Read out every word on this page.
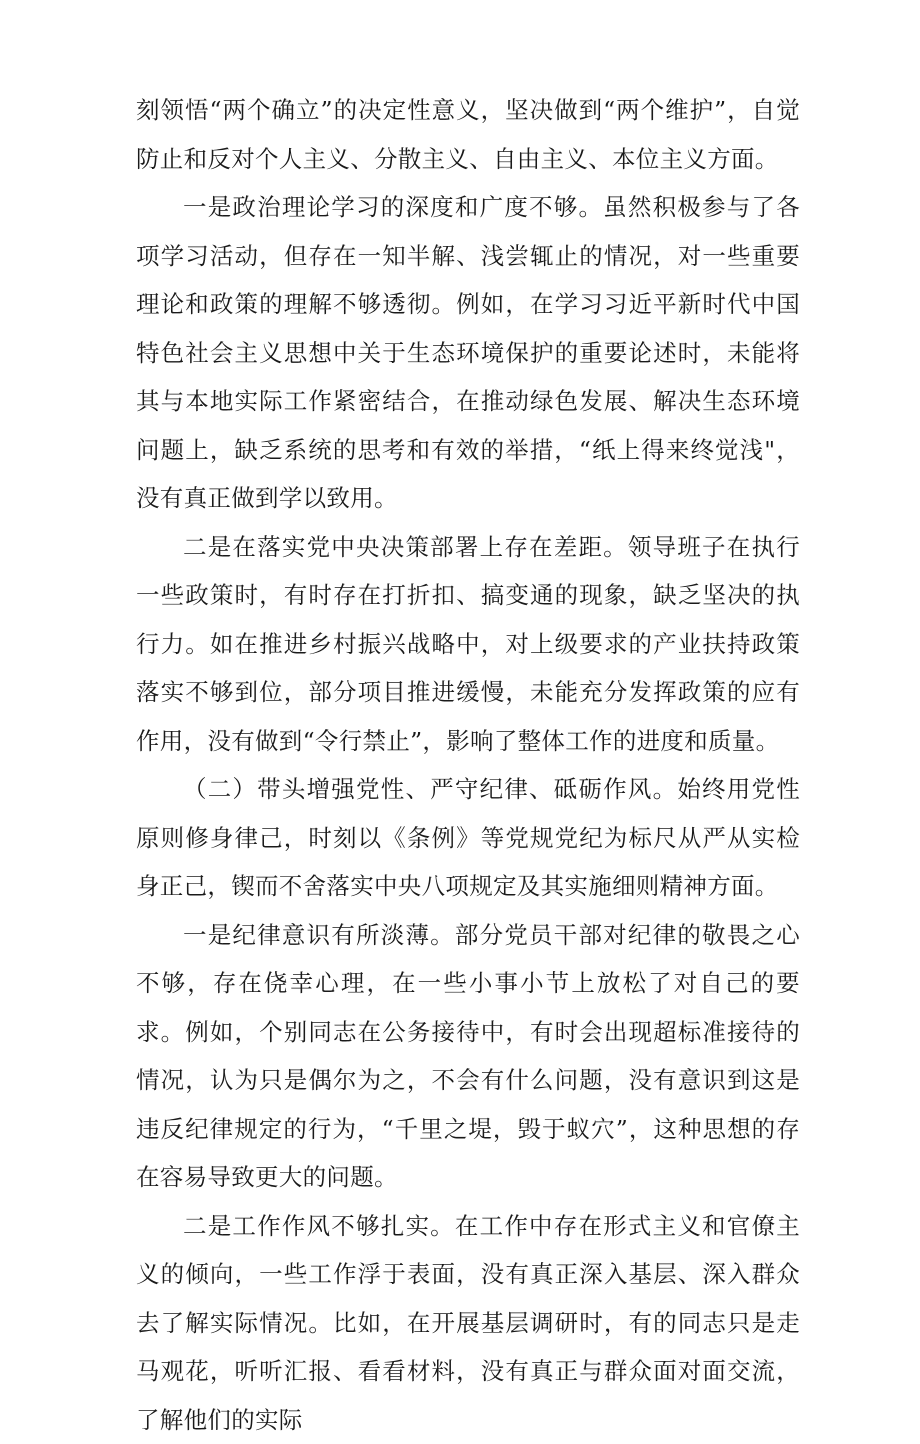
刻领悟“两个确立”的决定性意义，坚决做到“两个维护”，自觉防止和反对个人主义、分散主义、自由主义、本位主义方面。

一是政治理论学习的深度和广度不够。虽然积极参与了各项学习活动，但存在一知半解、浅尝辄止的情况，对一些重要理论和政策的理解不够透彻。例如，在学习习近平新时代中国特色社会主义思想中关于生态环境保护的重要论述时，未能将其与本地实际工作紧密结合，在推动绿色发展、解决生态环境问题上，缺乏系统的思考和有效的举措，“纸上得来终觉浅"，没有真正做到学以致用。

二是在落实党中央决策部署上存在差距。领导班子在执行一些政策时，有时存在打折扣、搞变通的现象，缺乏坚决的执行力。如在推进乡村振兴战略中，对上级要求的产业扶持政策落实不够到位，部分项目推进缓慢，未能充分发挥政策的应有作用，没有做到“令行禁止”，影响了整体工作的进度和质量。

（二）带头增强党性、严守纪律、砥砺作风。始终用党性原则修身律己，时刻以《条例》等党规党纪为标尺从严从实检身正己，锲而不舍落实中央八项规定及其实施细则精神方面。

一是纪律意识有所淡薄。部分党员干部对纪律的敬畏之心不够，存在侥幸心理，在一些小事小节上放松了对自己的要求。例如，个别同志在公务接待中，有时会出现超标准接待的情况，认为只是偶尔为之，不会有什么问题，没有意识到这是违反纪律规定的行为，“千里之堤，毁于蚁穴”，这种思想的存在容易导致更大的问题。

二是工作作风不够扎实。在工作中存在形式主义和官僚主义的倾向，一些工作浮于表面，没有真正深入基层、深入群众去了解实际情况。比如，在开展基层调研时，有的同志只是走马观花，听听汇报、看看材料，没有真正与群众面对面交流，了解他们的实际
